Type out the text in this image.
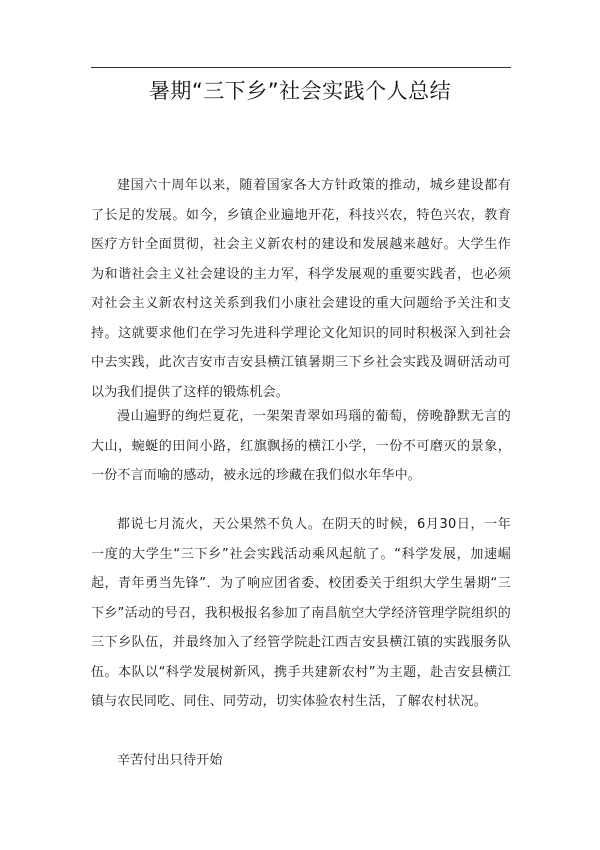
暑期“三下乡”社会实践个人总结

建国六十周年以来，随着国家各大方针政策的推动，城乡建设都有了长足的发展。如今，乡镇企业遍地开花，科技兴农，特色兴农，教育医疗方针全面贯彻，社会主义新农村的建设和发展越来越好。大学生作为和谐社会主义社会建设的主力军，科学发展观的重要实践者，也必须对社会主义新农村这关系到我们小康社会建设的重大问题给予关注和支持。这就要求他们在学习先进科学理论文化知识的同时积极深入到社会中去实践，此次吉安市吉安县横江镇暑期三下乡社会实践及调研活动可以为我们提供了这样的锻炼机会。

漫山遍野的绚烂夏花，一架架青翠如玛瑙的葡萄，傍晚静默无言的大山，蜿蜒的田间小路，红旗飘扬的横江小学，一份不可磨灭的景象，一份不言而喻的感动，被永远的珍藏在我们似水年华中。

都说七月流火，天公果然不负人。在阴天的时候，6月30日，一年一度的大学生“三下乡”社会实践活动乘风起航了。“科学发展，加速崛起，青年勇当先锋”．为了响应团省委、校团委关于组织大学生暑期“三下乡”活动的号召，我积极报名参加了南昌航空大学经济管理学院组织的三下乡队伍，并最终加入了经管学院赴江西吉安县横江镇的实践服务队伍。本队以“科学发展树新风，携手共建新农村”为主题，赴吉安县横江镇与农民同吃、同住、同劳动，切实体验农村生活，了解农村状况。

辛苦付出只待开始
